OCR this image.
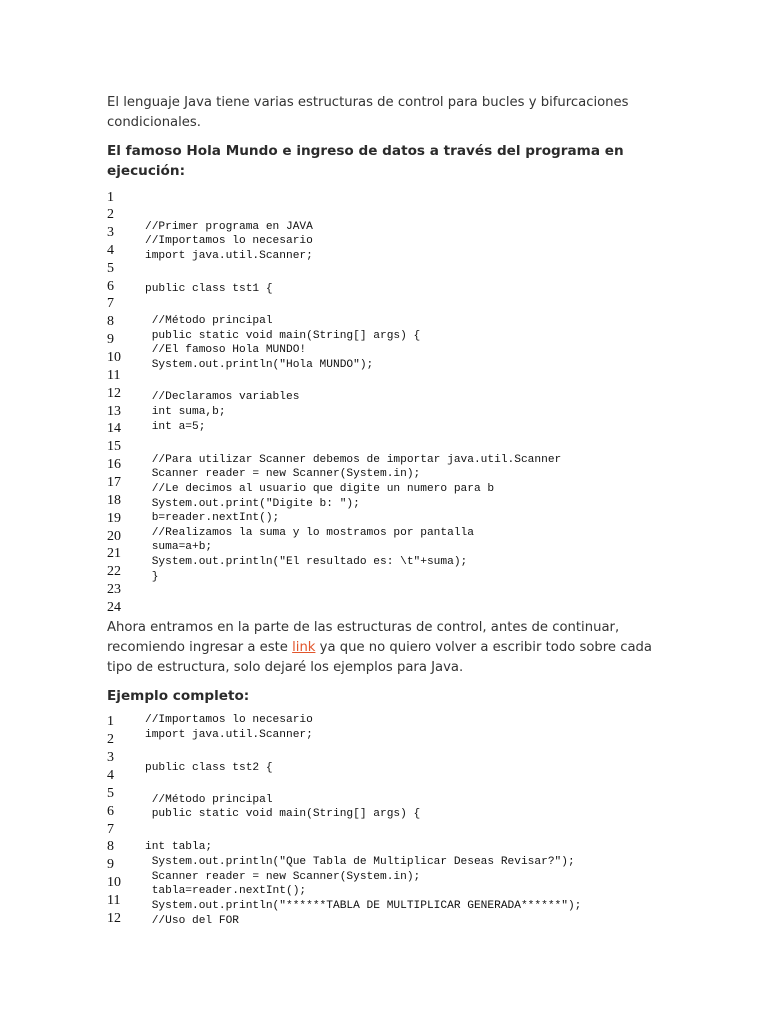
El lenguaje Java tiene varias estructuras de control para bucles y bifurcaciones condicionales.

El famoso Hola Mundo e ingreso de datos a través del programa en ejecución:

1
2
3
4
5
6
7
8
9
10
11
12
13
14
15
16
17
18
19
20
21
22
23
24
//Primer programa en JAVA
//Importamos lo necesario
import java.util.Scanner;
public class tst1 {
//Método principal
public static void main(String[] args) {
//El famoso Hola MUNDO!
System.out.println("Hola MUNDO");
//Declaramos variables
int suma,b;
int a=5;
//Para utilizar Scanner debemos de importar java.util.Scanner
Scanner reader = new Scanner(System.in);
//Le decimos al usuario que digite un numero para b
System.out.print("Digite b: ");
b=reader.nextInt();
//Realizamos la suma y lo mostramos por pantalla
suma=a+b;
System.out.println("El resultado es: \t"+suma);
}

Ahora entramos en la parte de las estructuras de control, antes de continuar, recomiendo ingresar a este link ya que no quiero volver a escribir todo sobre cada tipo de estructura, solo dejaré los ejemplos para Java.

Ejemplo completo:

1
2
3
4
5
6
7
8
9
10
11
12
//Importamos lo necesario
import java.util.Scanner;
public class tst2 {
//Método principal
public static void main(String[] args) {
int tabla;
System.out.println("Que Tabla de Multiplicar Deseas Revisar?");
Scanner reader = new Scanner(System.in);
tabla=reader.nextInt();
System.out.println("******TABLA DE MULTIPLICAR GENERADA******");
//Uso del FOR
